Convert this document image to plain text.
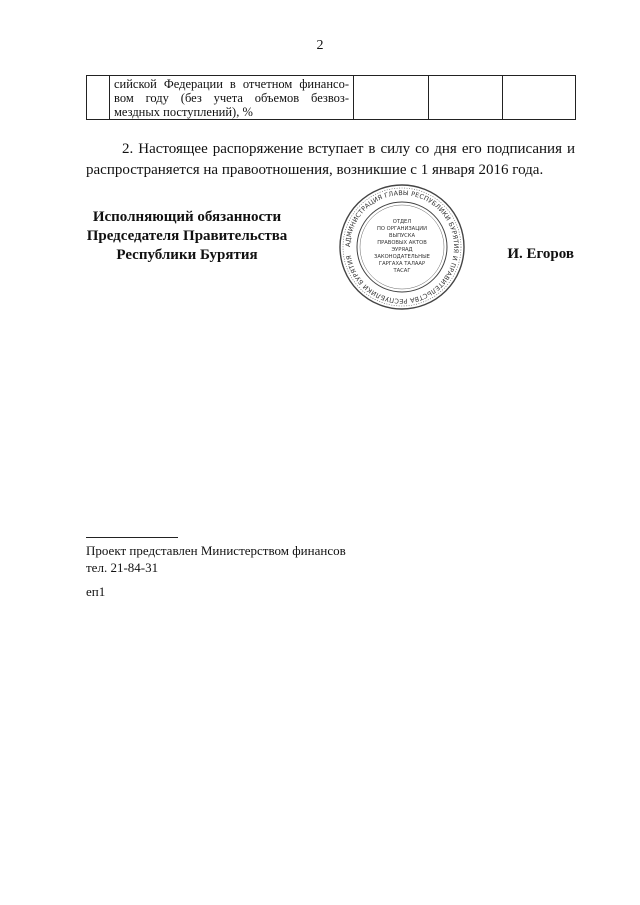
2

сийской Федерации в отчетном финансо-
вом году (без учета объемов безвоз-
мездных поступлений), %

2. Настоящее распоряжение вступает в силу со дня его подписания и распространяется на правоотношения, возникшие с 1 января 2016 года.

Исполняющий обязанности
Председателя Правительства
Республики Бурятия
АДМИНИСТРАЦИЯ ГЛАВЫ РЕСПУБЛИКИ БУРЯТИЯ И ПРАВИТЕЛЬСТВА РЕСПУБЛИКИ БУРЯТИЯ
ОТДЕЛ
ПО ОРГАНИЗАЦИИ
ВЫПУСКА
ПРАВОВЫХ АКТОВ
ЭУРЯАД
ЗАКОНОДАТЕЛЬНЫЕ
ГАРГАХА ТАЛААР
ТАСАГ
И. Егоров
Проект представлен Министерством финансов
тел. 21-84-31
еп1
